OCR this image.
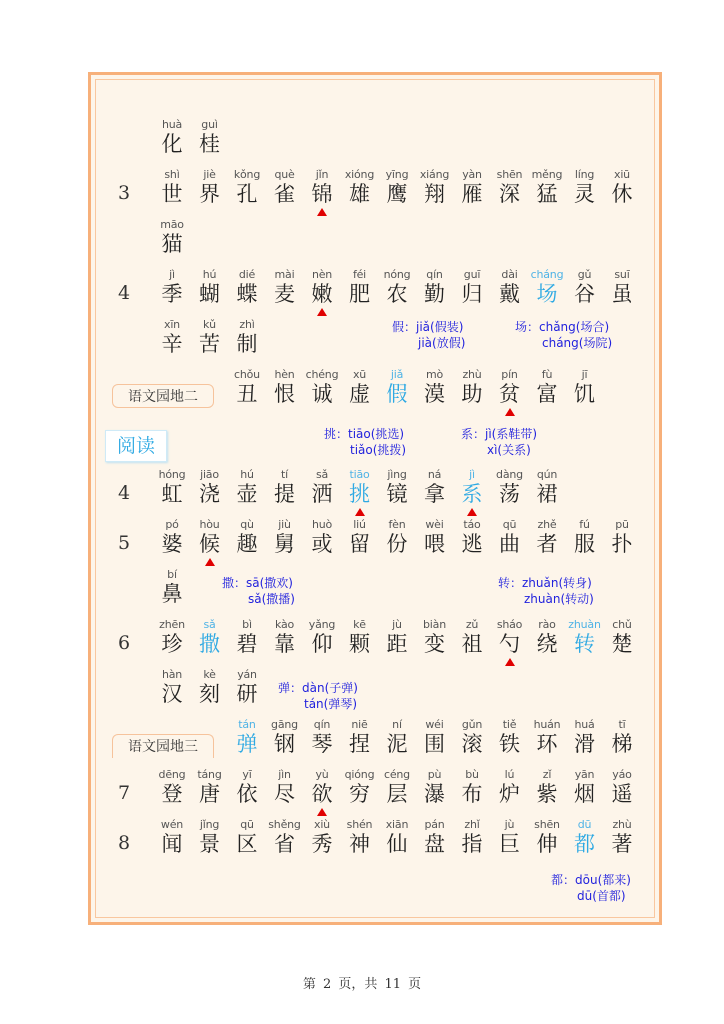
huà
化
guì
桂
3
shì
世
jiè
界
kǒng
孔
què
雀
jǐn
锦
xióng
雄
yīng
鹰
xiáng
翔
yàn
雁
shēn
深
měng
猛
líng
灵
xiū
休
māo
猫
4
jì
季
hú
蝴
dié
蝶
mài
麦
nèn
嫩
féi
肥
nóng
农
qín
勤
guī
归
dài
戴
cháng
场
gǔ
谷
suī
虽
xīn
辛
kǔ
苦
zhì
制
chǒu
丑
hèn
恨
chéng
诚
xū
虚
jiǎ
假
mò
漠
zhù
助
pín
贫
fù
富
jī
饥
4
hóng
虹
jiāo
浇
hú
壶
tí
提
sǎ
洒
tiāo
挑
jìng
镜
ná
拿
jì
系
dàng
荡
qún
裙
5
pó
婆
hòu
候
qù
趣
jiù
舅
huò
或
liú
留
fèn
份
wèi
喂
táo
逃
qū
曲
zhě
者
fú
服
pū
扑
bí
鼻
6
zhēn
珍
sǎ
撒
bì
碧
kào
靠
yǎng
仰
kē
颗
jù
距
biàn
变
zǔ
祖
sháo
勺
rào
绕
zhuàn
转
chǔ
楚
hàn
汉
kè
刻
yán
研
tán
弹
gāng
钢
qín
琴
niē
捏
ní
泥
wéi
围
gǔn
滚
tiě
铁
huán
环
huá
滑
tī
梯
7
dēng
登
táng
唐
yī
依
jìn
尽
yù
欲
qióng
穷
céng
层
pù
瀑
bù
布
lú
炉
zǐ
紫
yān
烟
yáo
遥
8
wén
闻
jǐng
景
qū
区
shěng
省
xiù
秀
shén
神
xiān
仙
pán
盘
zhǐ
指
jù
巨
shēn
伸
dū
都
zhù
著
假：jiǎ(假装)
jià(放假)
场：chǎng(场合)
cháng(场院)
挑：tiāo(挑选)
tiǎo(挑拨)
系：jì(系鞋带)
xì(关系)
撒：sā(撒欢)
sǎ(撒播)
转：zhuǎn(转身)
zhuàn(转动)
弹：dàn(子弹)
tán(弹琴)
都：dōu(都来)
dū(首都)
语文园地二
阅读
语文园地三
第 2 页，共 11 页
